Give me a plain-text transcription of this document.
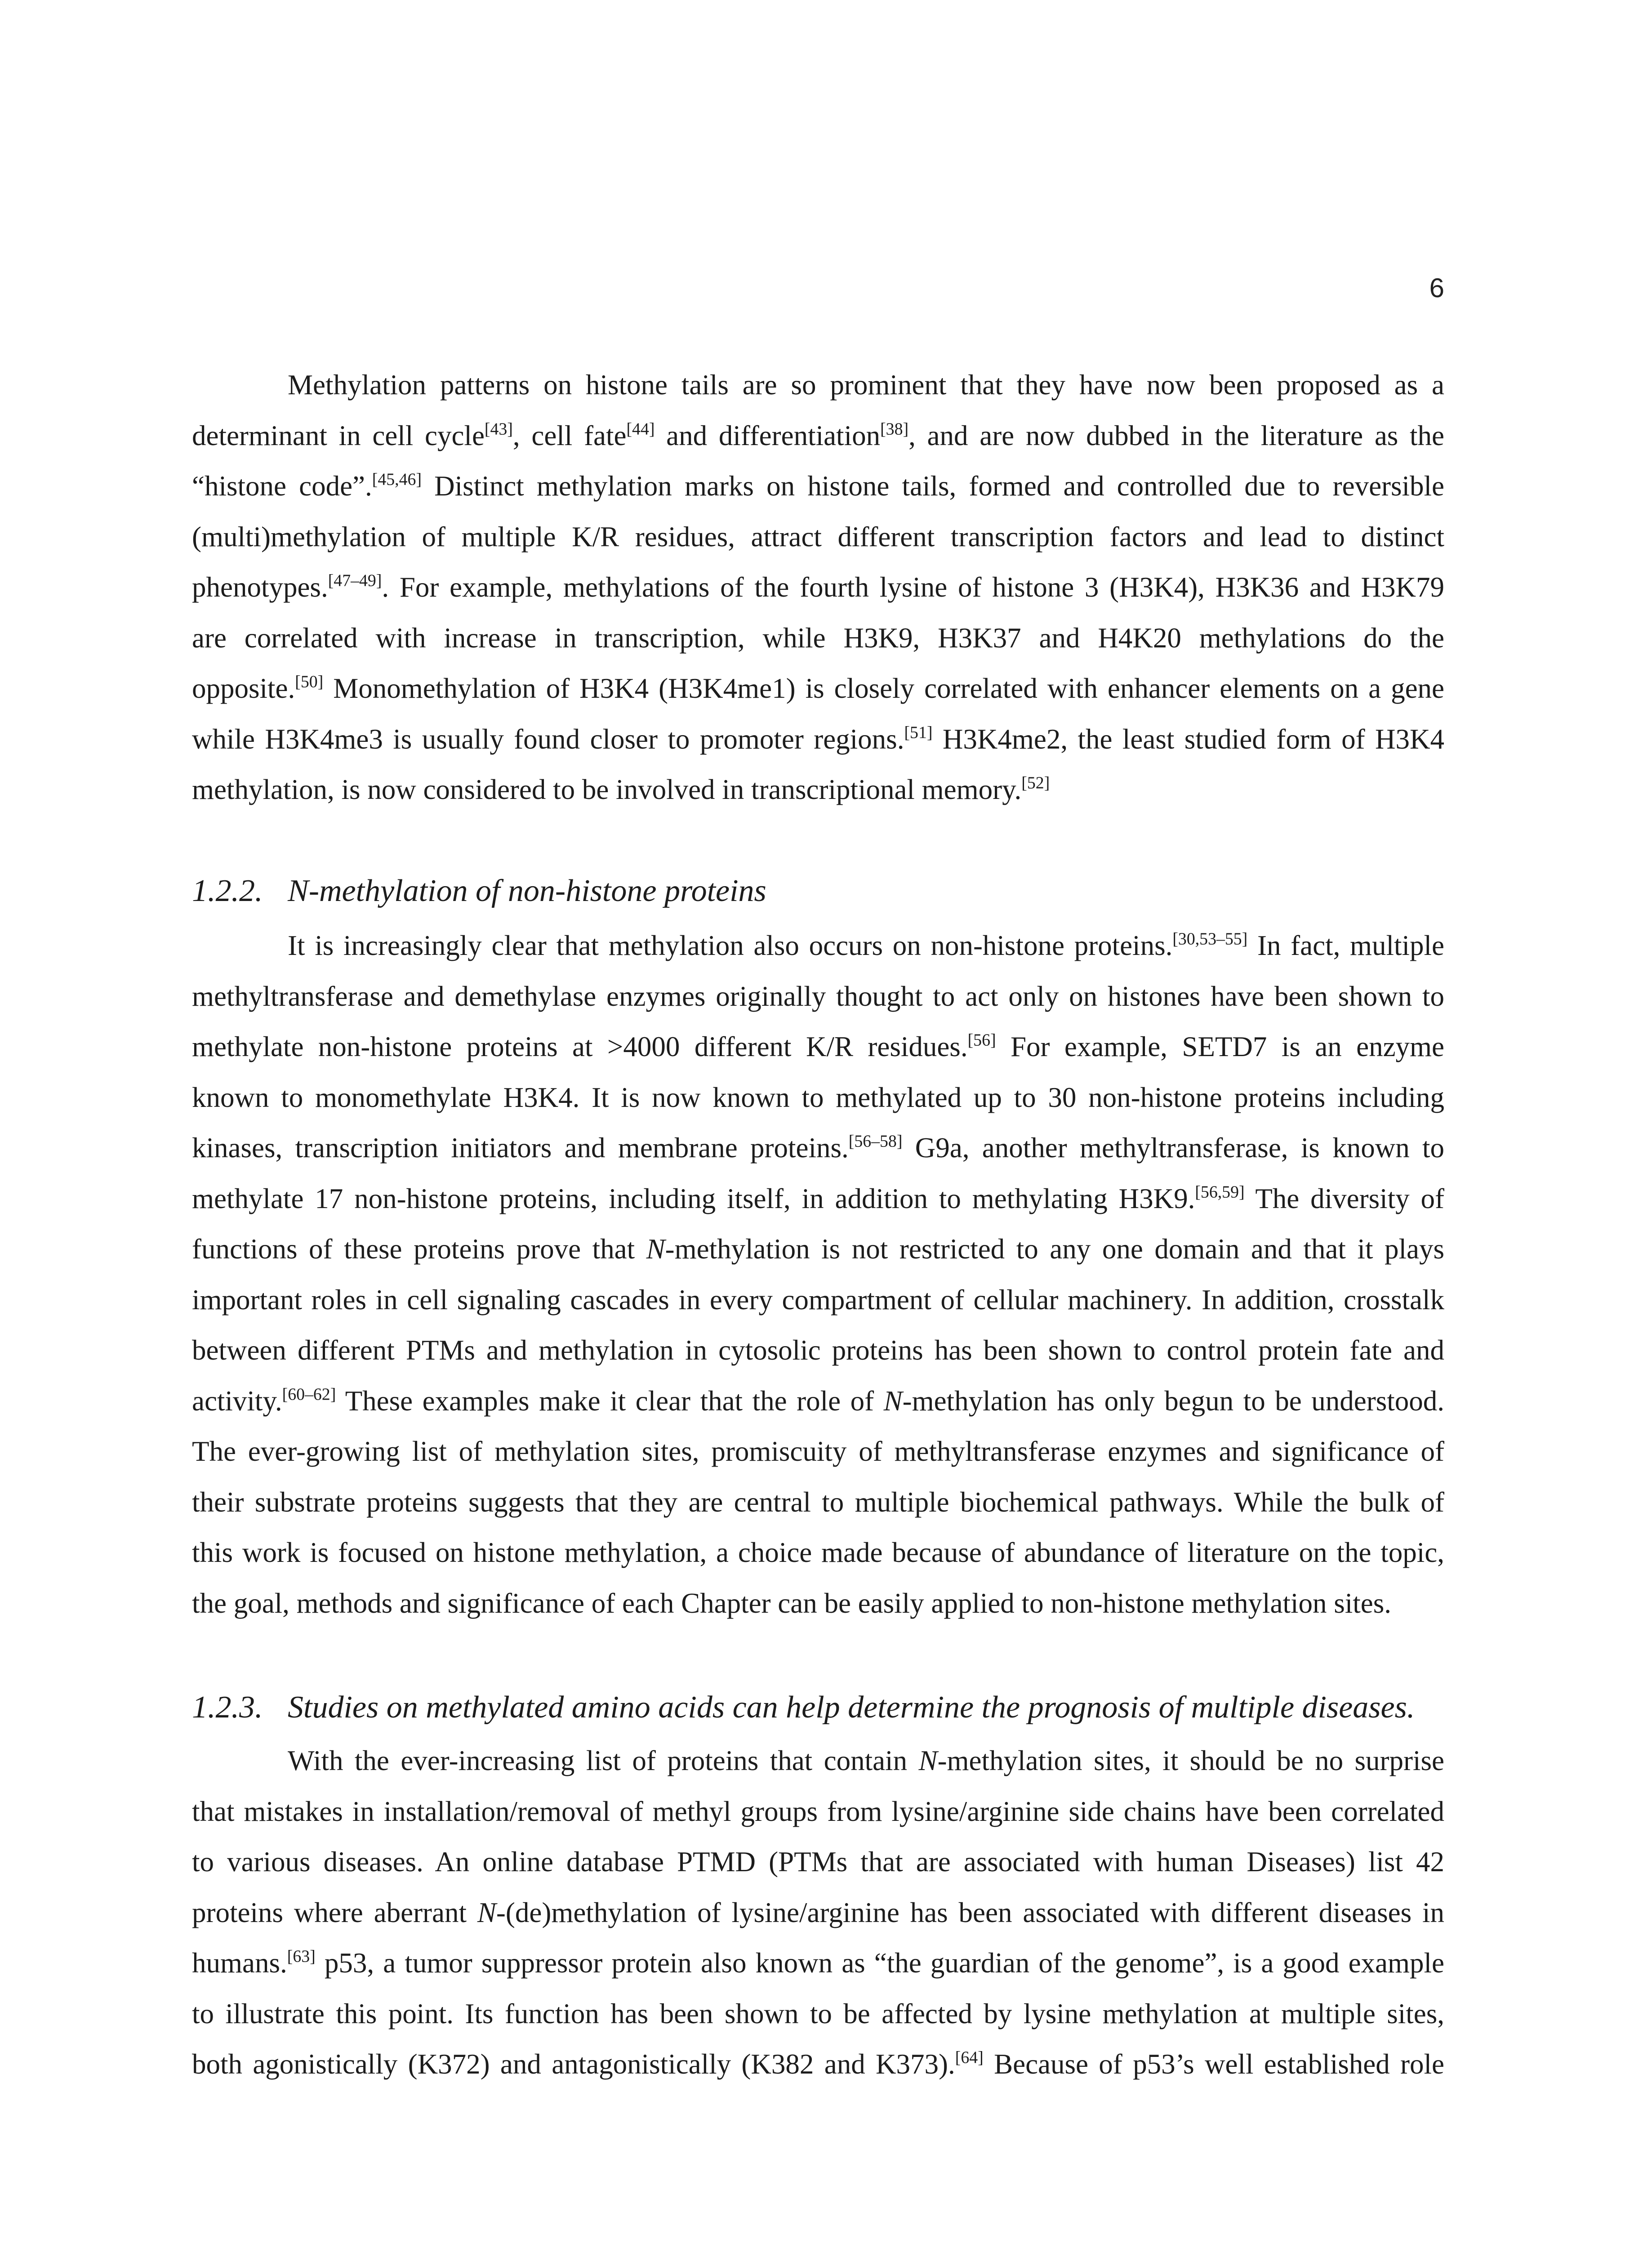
6
Methylation patterns on histone tails are so prominent that they have now been proposed as a
determinant in cell cycle[43], cell fate[44] and differentiation[38], and are now dubbed in the literature as the
“histone code”.[45,46] Distinct methylation marks on histone tails, formed and controlled due to reversible
(multi)methylation of multiple K/R residues, attract different transcription factors and lead to distinct
phenotypes.[47–49]. For example, methylations of the fourth lysine of histone 3 (H3K4), H3K36 and H3K79
are correlated with increase in transcription, while H3K9, H3K37 and H4K20 methylations do the
opposite.[50] Monomethylation of H3K4 (H3K4me1) is closely correlated with enhancer elements on a gene
while H3K4me3 is usually found closer to promoter regions.[51] H3K4me2, the least studied form of H3K4
methylation, is now considered to be involved in transcriptional memory.[52]
1.2.2. N-methylation of non-histone proteins
It is increasingly clear that methylation also occurs on non-histone proteins.[30,53–55] In fact, multiple
methyltransferase and demethylase enzymes originally thought to act only on histones have been shown to
methylate non-histone proteins at >4000 different K/R residues.[56] For example, SETD7 is an enzyme
known to monomethylate H3K4. It is now known to methylated up to 30 non-histone proteins including
kinases, transcription initiators and membrane proteins.[56–58] G9a, another methyltransferase, is known to
methylate 17 non-histone proteins, including itself, in addition to methylating H3K9.[56,59] The diversity of
functions of these proteins prove that N-methylation is not restricted to any one domain and that it plays
important roles in cell signaling cascades in every compartment of cellular machinery. In addition, crosstalk
between different PTMs and methylation in cytosolic proteins has been shown to control protein fate and
activity.[60–62] These examples make it clear that the role of N-methylation has only begun to be understood.
The ever-growing list of methylation sites, promiscuity of methyltransferase enzymes and significance of
their substrate proteins suggests that they are central to multiple biochemical pathways. While the bulk of
this work is focused on histone methylation, a choice made because of abundance of literature on the topic,
the goal, methods and significance of each Chapter can be easily applied to non-histone methylation sites.
1.2.3. Studies on methylated amino acids can help determine the prognosis of multiple diseases.
With the ever-increasing list of proteins that contain N-methylation sites, it should be no surprise
that mistakes in installation/removal of methyl groups from lysine/arginine side chains have been correlated
to various diseases. An online database PTMD (PTMs that are associated with human Diseases) list 42
proteins where aberrant N-(de)methylation of lysine/arginine has been associated with different diseases in
humans.[63] p53, a tumor suppressor protein also known as “the guardian of the genome”, is a good example
to illustrate this point. Its function has been shown to be affected by lysine methylation at multiple sites,
both agonistically (K372) and antagonistically (K382 and K373).[64] Because of p53’s well established role
